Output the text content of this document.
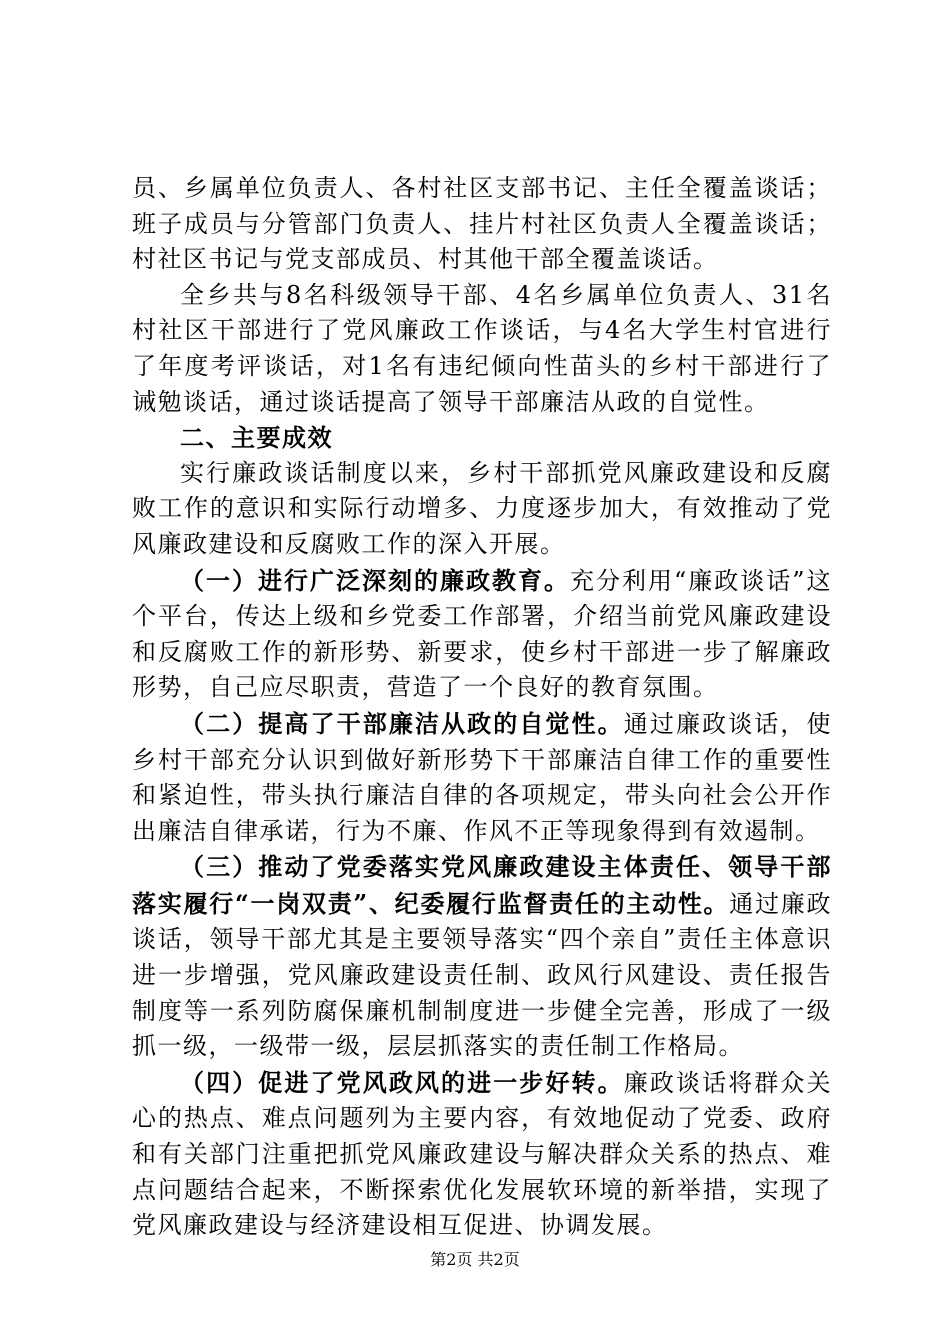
员、乡属单位负责人、各村社区支部书记、主任全覆盖谈话；班子成员与分管部门负责人、挂片村社区负责人全覆盖谈话；村社区书记与党支部成员、村其他干部全覆盖谈话。

全乡共与8名科级领导干部、4名乡属单位负责人、31名村社区干部进行了党风廉政工作谈话，与4名大学生村官进行了年度考评谈话，对1名有违纪倾向性苗头的乡村干部进行了诫勉谈话，通过谈话提高了领导干部廉洁从政的自觉性。

二、主要成效

实行廉政谈话制度以来，乡村干部抓党风廉政建设和反腐败工作的意识和实际行动增多、力度逐步加大，有效推动了党风廉政建设和反腐败工作的深入开展。

（一）进行广泛深刻的廉政教育。充分利用“廉政谈话”这个平台，传达上级和乡党委工作部署，介绍当前党风廉政建设和反腐败工作的新形势、新要求，使乡村干部进一步了解廉政形势，自己应尽职责，营造了一个良好的教育氛围。

（二）提高了干部廉洁从政的自觉性。通过廉政谈话，使乡村干部充分认识到做好新形势下干部廉洁自律工作的重要性和紧迫性，带头执行廉洁自律的各项规定，带头向社会公开作出廉洁自律承诺，行为不廉、作风不正等现象得到有效遏制。

（三）推动了党委落实党风廉政建设主体责任、领导干部落实履行“一岗双责”、纪委履行监督责任的主动性。通过廉政谈话，领导干部尤其是主要领导落实“四个亲自”责任主体意识进一步增强，党风廉政建设责任制、政风行风建设、责任报告制度等一系列防腐保廉机制制度进一步健全完善，形成了一级抓一级，一级带一级，层层抓落实的责任制工作格局。

（四）促进了党风政风的进一步好转。廉政谈话将群众关心的热点、难点问题列为主要内容，有效地促动了党委、政府和有关部门注重把抓党风廉政建设与解决群众关系的热点、难点问题结合起来，不断探索优化发展软环境的新举措，实现了党风廉政建设与经济建设相互促进、协调发展。

第2页 共2页
